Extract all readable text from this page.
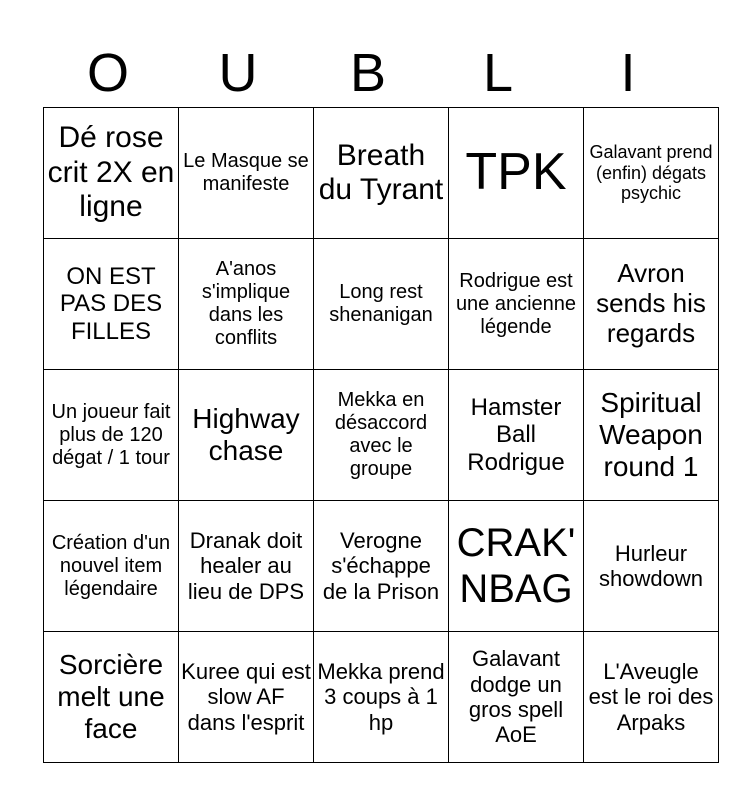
O	U	B	L	I
Dé rose crit 2X en ligne	Le Masque se manifeste	Breath du Tyrant	TPK	Galavant prend (enfin) dégats psychic
ON EST PAS DES FILLES	A'anos s'implique dans les conflits	Long rest shenanigan	Rodrigue est une ancienne légende	Avron sends his regards
Un joueur fait plus de 120 dégat / 1 tour	Highway chase	Mekka en désaccord avec le groupe	Hamster Ball Rodrigue	Spiritual Weapon round 1
Création d'un nouvel item légendaire	Dranak doit healer au lieu de DPS	Verogne s'échappe de la Prison	CRAK' NBAG	Hurleur showdown
Sorcière melt une face	Kuree qui est slow AF dans l'esprit	Mekka prend 3 coups à 1 hp	Galavant dodge un gros spell AoE	L'Aveugle est le roi des Arpaks
